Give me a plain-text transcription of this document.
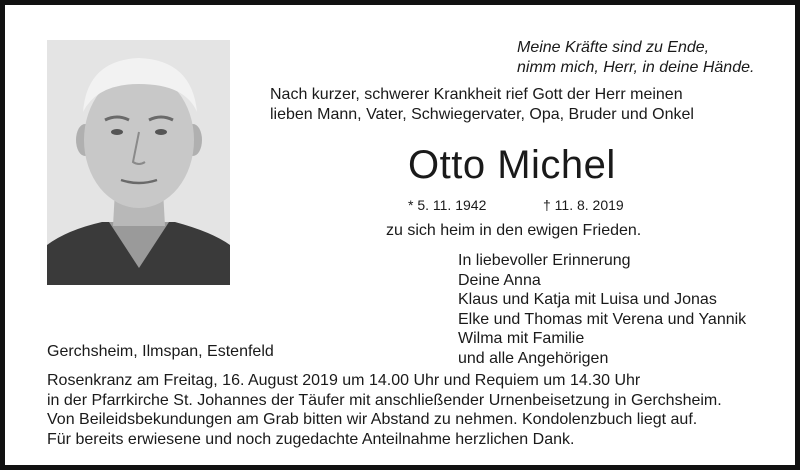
Meine Kräfte sind zu Ende,
nimm mich, Herr, in deine Hände.
Nach kurzer, schwerer Krankheit rief Gott der Herr meinen
lieben Mann, Vater, Schwiegervater, Opa, Bruder und Onkel
Otto Michel
* 5. 11. 1942	† 11. 8. 2019
zu sich heim in den ewigen Frieden.
In liebevoller Erinnerung
Deine Anna
Klaus und Katja mit Luisa und Jonas
Elke und Thomas mit Verena und Yannik
Wilma mit Familie
und alle Angehörigen
Gerchsheim, Ilmspan, Estenfeld
Rosenkranz am Freitag, 16. August 2019 um 14.00 Uhr und Requiem um 14.30 Uhr
in der Pfarrkirche St. Johannes der Täufer mit anschließender Urnenbeisetzung in Gerchsheim.
Von Beileidsbekundungen am Grab bitten wir Abstand zu nehmen. Kondolenzbuch liegt auf.
Für bereits erwiesene und noch zugedachte Anteilnahme herzlichen Dank.
